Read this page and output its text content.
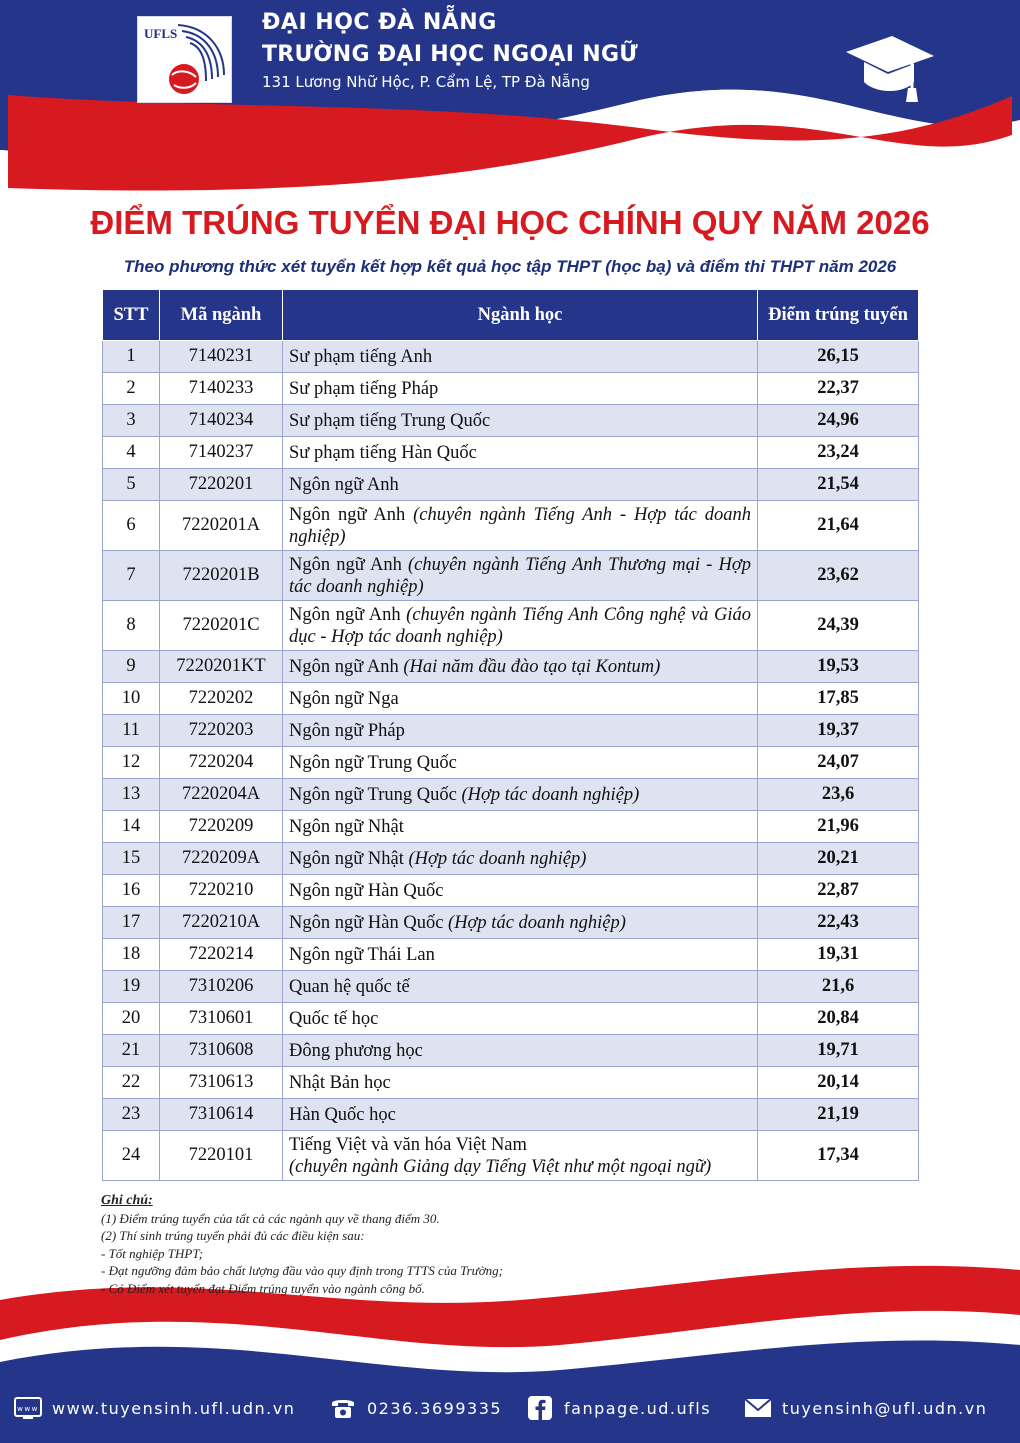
UFLS	ĐẠI HỌC ĐÀ NẴNG
TRƯỜNG ĐẠI HỌC NGOẠI NGỮ
131 Lương Nhữ Hộc, P. Cẩm Lệ, TP Đà Nẵng
ĐIỂM TRÚNG TUYỂN ĐẠI HỌC CHÍNH QUY NĂM 2026
Theo phương thức xét tuyển kết hợp kết quả học tập THPT (học bạ) và điểm thi THPT năm 2026
STT	Mã ngành	Ngành học	Điểm trúng tuyển
1	7140231	Sư phạm tiếng Anh	26,15
2	7140233	Sư phạm tiếng Pháp	22,37
3	7140234	Sư phạm tiếng Trung Quốc	24,96
4	7140237	Sư phạm tiếng Hàn Quốc	23,24
5	7220201	Ngôn ngữ Anh	21,54
6	7220201A	Ngôn ngữ Anh (chuyên ngành Tiếng Anh - Hợp tác doanh nghiệp)	21,64
7	7220201B	Ngôn ngữ Anh (chuyên ngành Tiếng Anh Thương mại - Hợp tác doanh nghiệp)	23,62
8	7220201C	Ngôn ngữ Anh (chuyên ngành Tiếng Anh Công nghệ và Giáo dục - Hợp tác doanh nghiệp)	24,39
9	7220201KT	Ngôn ngữ Anh (Hai năm đầu đào tạo tại Kontum)	19,53
10	7220202	Ngôn ngữ Nga	17,85
11	7220203	Ngôn ngữ Pháp	19,37
12	7220204	Ngôn ngữ Trung Quốc	24,07
13	7220204A	Ngôn ngữ Trung Quốc (Hợp tác doanh nghiệp)	23,6
14	7220209	Ngôn ngữ Nhật	21,96
15	7220209A	Ngôn ngữ Nhật (Hợp tác doanh nghiệp)	20,21
16	7220210	Ngôn ngữ Hàn Quốc	22,87
17	7220210A	Ngôn ngữ Hàn Quốc (Hợp tác doanh nghiệp)	22,43
18	7220214	Ngôn ngữ Thái Lan	19,31
19	7310206	Quan hệ quốc tế	21,6
20	7310601	Quốc tế học	20,84
21	7310608	Đông phương học	19,71
22	7310613	Nhật Bản học	20,14
23	7310614	Hàn Quốc học	21,19
24	7220101	Tiếng Việt và văn hóa Việt Nam
(chuyên ngành Giảng dạy Tiếng Việt như một ngoại ngữ)	17,34
Ghi chú:
(1) Điểm trúng tuyển của tất cả các ngành quy về thang điểm 30.
(2) Thí sinh trúng tuyển phải đủ các điều kiện sau:
- Tốt nghiệp THPT;
- Đạt ngưỡng đảm bảo chất lượng đầu vào quy định trong TTTS của Trường;
- Có Điểm xét tuyển đạt Điểm trúng tuyển vào ngành công bố.
www www.tuyensinh.ufl.udn.vn	0236.3699335	fanpage.ud.ufls	tuyensinh@ufl.udn.vn
